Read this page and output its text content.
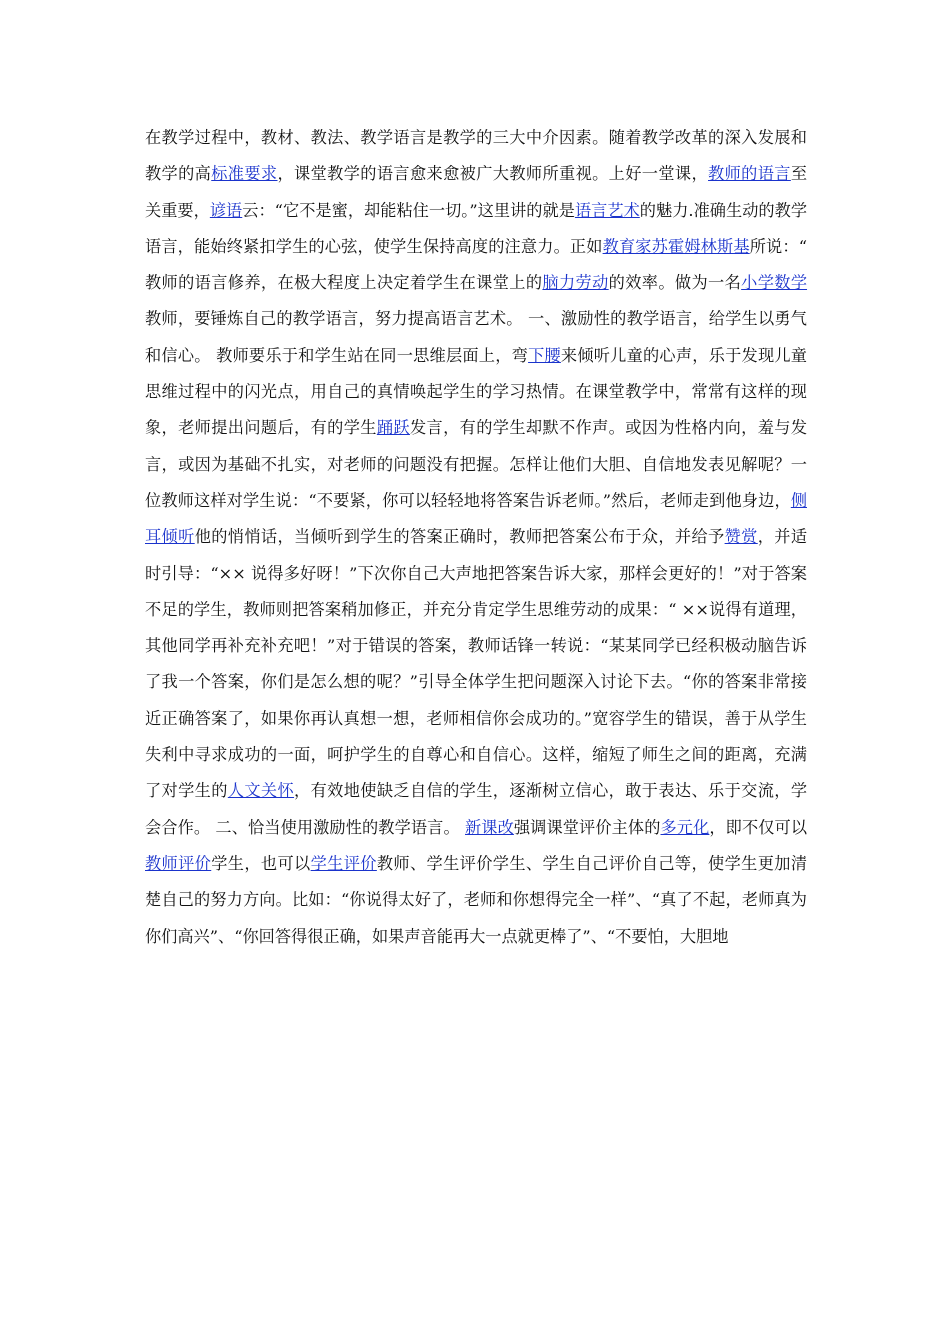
在教学过程中，教材、教法、教学语言是教学的三大中介因素。随着教学改革的深入发展和教学的高标准要求，课堂教学的语言愈来愈被广大教师所重视。上好一堂课，教师的语言至关重要，谚语云：“它不是蜜，却能粘住一切。”这里讲的就是语言艺术的魅力.准确生动的教学语言，能始终紧扣学生的心弦，使学生保持高度的注意力。正如教育家苏霍姆林斯基所说：“教师的语言修养，在极大程度上决定着学生在课堂上的脑力劳动的效率。做为一名小学数学教师，要锤炼自己的教学语言，努力提高语言艺术。 一、激励性的教学语言，给学生以勇气和信心。 教师要乐于和学生站在同一思维层面上，弯下腰来倾听儿童的心声，乐于发现儿童思维过程中的闪光点，用自己的真情唤起学生的学习热情。在课堂教学中，常常有这样的现象，老师提出问题后，有的学生踊跃发言，有的学生却默不作声。或因为性格内向，羞与发言，或因为基础不扎实，对老师的问题没有把握。怎样让他们大胆、自信地发表见解呢？一位教师这样对学生说：“不要紧，你可以轻轻地将答案告诉老师。”然后，老师走到他身边，侧耳倾听他的悄悄话，当倾听到学生的答案正确时，教师把答案公布于众，并给予赞赏，并适时引导：“×× 说得多好呀！”下次你自己大声地把答案告诉大家，那样会更好的！”对于答案不足的学生，教师则把答案稍加修正，并充分肯定学生思维劳动的成果：“ ××说得有道理，其他同学再补充补充吧！”对于错误的答案，教师话锋一转说：“某某同学已经积极动脑告诉了我一个答案，你们是怎么想的呢？”引导全体学生把问题深入讨论下去。“你的答案非常接近正确答案了，如果你再认真想一想，老师相信你会成功的。”宽容学生的错误，善于从学生失利中寻求成功的一面，呵护学生的自尊心和自信心。这样，缩短了师生之间的距离，充满了对学生的人文关怀，有效地使缺乏自信的学生，逐渐树立信心，敢于表达、乐于交流，学会合作。 二、恰当使用激励性的教学语言。 新课改强调课堂评价主体的多元化，即不仅可以教师评价学生，也可以学生评价教师、学生评价学生、学生自己评价自己等，使学生更加清楚自己的努力方向。比如：“你说得太好了，老师和你想得完全一样”、“真了不起，老师真为你们高兴”、“你回答得很正确，如果声音能再大一点就更棒了”、“不要怕，大胆地
